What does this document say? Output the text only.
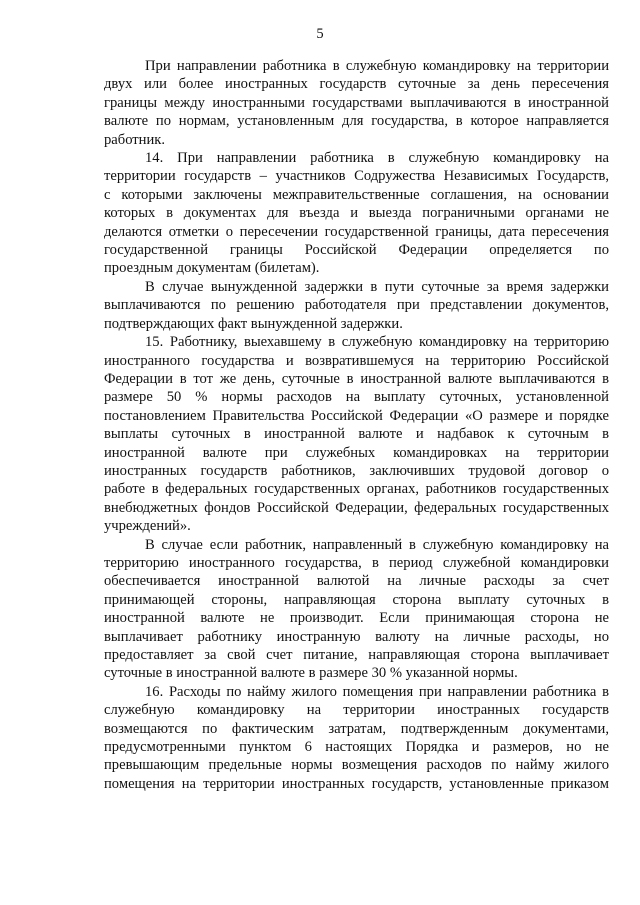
5

При направлении работника в служебную командировку на территории
двух или более иностранных государств суточные за день пересечения
границы между иностранными государствами выплачиваются в иностранной
валюте по нормам, установленным для государства, в которое направляется
работник.

14. При направлении работника в служебную командировку на
территории государств – участников Содружества Независимых Государств,
с которыми заключены межправительственные соглашения, на основании
которых в документах для въезда и выезда пограничными органами не
делаются отметки о пересечении государственной границы, дата пересечения
государственной границы Российской Федерации определяется по
проездным документам (билетам).

В случае вынужденной задержки в пути суточные за время задержки
выплачиваются по решению работодателя при представлении документов,
подтверждающих факт вынужденной задержки.

15. Работнику, выехавшему в служебную командировку на территорию
иностранного государства и возвратившемуся на территорию Российской
Федерации в тот же день, суточные в иностранной валюте выплачиваются в
размере 50 % нормы расходов на выплату суточных, установленной
постановлением Правительства Российской Федерации «О размере и порядке
выплаты суточных в иностранной валюте и надбавок к суточным в
иностранной валюте при служебных командировках на территории
иностранных государств работников, заключивших трудовой договор о
работе в федеральных государственных органах, работников государственных
внебюджетных фондов Российской Федерации, федеральных государственных
учреждений».

В случае если работник, направленный в служебную командировку на
территорию иностранного государства, в период служебной командировки
обеспечивается иностранной валютой на личные расходы за счет
принимающей стороны, направляющая сторона выплату суточных в
иностранной валюте не производит. Если принимающая сторона не
выплачивает работнику иностранную валюту на личные расходы, но
предоставляет за свой счет питание, направляющая сторона выплачивает
суточные в иностранной валюте в размере 30 % указанной нормы.

16. Расходы по найму жилого помещения при направлении работника в
служебную командировку на территории иностранных государств
возмещаются по фактическим затратам, подтвержденным документами,
предусмотренными пунктом 6 настоящих Порядка и размеров, но не
превышающим предельные нормы возмещения расходов по найму жилого
помещения на территории иностранных государств, установленные приказом
